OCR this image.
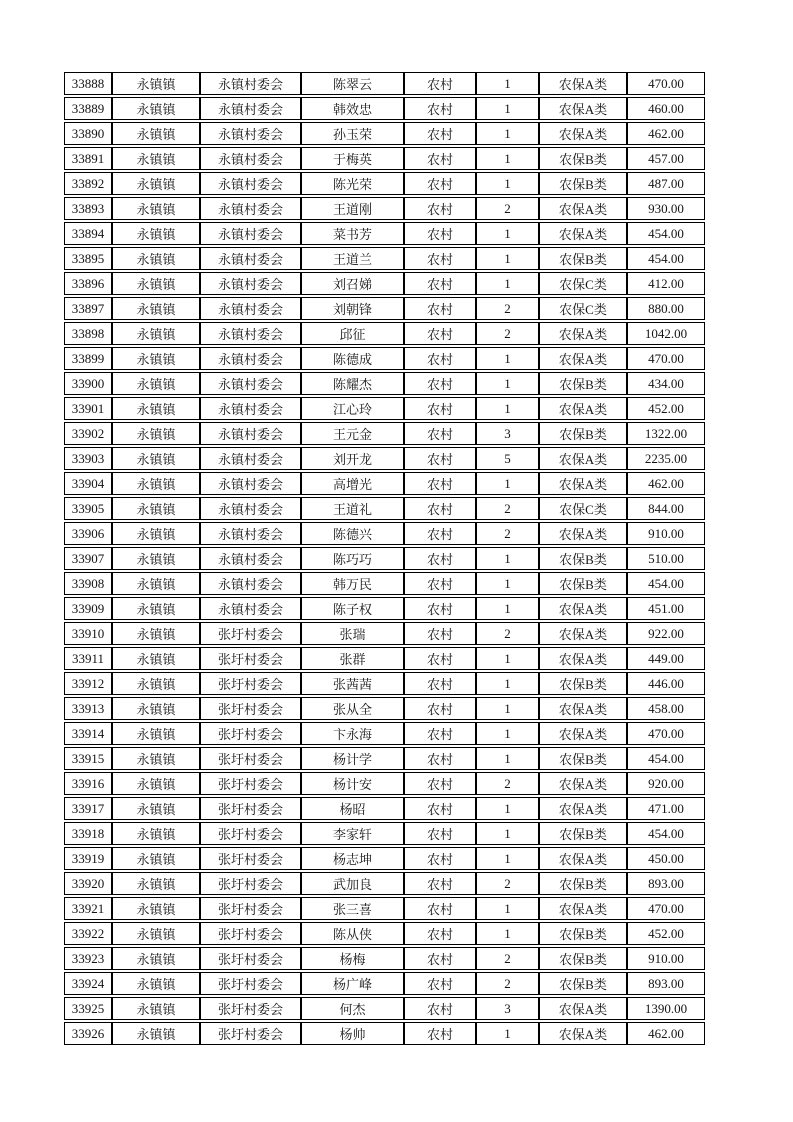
33888	永镇镇	永镇村委会	陈翠云	农村	1	农保A类	470.00
33889	永镇镇	永镇村委会	韩效忠	农村	1	农保A类	460.00
33890	永镇镇	永镇村委会	孙玉荣	农村	1	农保A类	462.00
33891	永镇镇	永镇村委会	于梅英	农村	1	农保B类	457.00
33892	永镇镇	永镇村委会	陈光荣	农村	1	农保B类	487.00
33893	永镇镇	永镇村委会	王道刚	农村	2	农保A类	930.00
33894	永镇镇	永镇村委会	菜书芳	农村	1	农保A类	454.00
33895	永镇镇	永镇村委会	王道兰	农村	1	农保B类	454.00
33896	永镇镇	永镇村委会	刘召娣	农村	1	农保C类	412.00
33897	永镇镇	永镇村委会	刘朝锋	农村	2	农保C类	880.00
33898	永镇镇	永镇村委会	邱征	农村	2	农保A类	1042.00
33899	永镇镇	永镇村委会	陈德成	农村	1	农保A类	470.00
33900	永镇镇	永镇村委会	陈耀杰	农村	1	农保B类	434.00
33901	永镇镇	永镇村委会	江心玲	农村	1	农保A类	452.00
33902	永镇镇	永镇村委会	王元金	农村	3	农保B类	1322.00
33903	永镇镇	永镇村委会	刘开龙	农村	5	农保A类	2235.00
33904	永镇镇	永镇村委会	高增光	农村	1	农保A类	462.00
33905	永镇镇	永镇村委会	王道礼	农村	2	农保C类	844.00
33906	永镇镇	永镇村委会	陈德兴	农村	2	农保A类	910.00
33907	永镇镇	永镇村委会	陈巧巧	农村	1	农保B类	510.00
33908	永镇镇	永镇村委会	韩万民	农村	1	农保B类	454.00
33909	永镇镇	永镇村委会	陈子权	农村	1	农保A类	451.00
33910	永镇镇	张圩村委会	张瑞	农村	2	农保A类	922.00
33911	永镇镇	张圩村委会	张群	农村	1	农保A类	449.00
33912	永镇镇	张圩村委会	张茜茜	农村	1	农保B类	446.00
33913	永镇镇	张圩村委会	张从全	农村	1	农保A类	458.00
33914	永镇镇	张圩村委会	卞永海	农村	1	农保A类	470.00
33915	永镇镇	张圩村委会	杨计学	农村	1	农保B类	454.00
33916	永镇镇	张圩村委会	杨计安	农村	2	农保A类	920.00
33917	永镇镇	张圩村委会	杨昭	农村	1	农保A类	471.00
33918	永镇镇	张圩村委会	李家轩	农村	1	农保B类	454.00
33919	永镇镇	张圩村委会	杨志坤	农村	1	农保A类	450.00
33920	永镇镇	张圩村委会	武加良	农村	2	农保B类	893.00
33921	永镇镇	张圩村委会	张三喜	农村	1	农保A类	470.00
33922	永镇镇	张圩村委会	陈从侠	农村	1	农保B类	452.00
33923	永镇镇	张圩村委会	杨梅	农村	2	农保B类	910.00
33924	永镇镇	张圩村委会	杨广峰	农村	2	农保B类	893.00
33925	永镇镇	张圩村委会	何杰	农村	3	农保A类	1390.00
33926	永镇镇	张圩村委会	杨帅	农村	1	农保A类	462.00
